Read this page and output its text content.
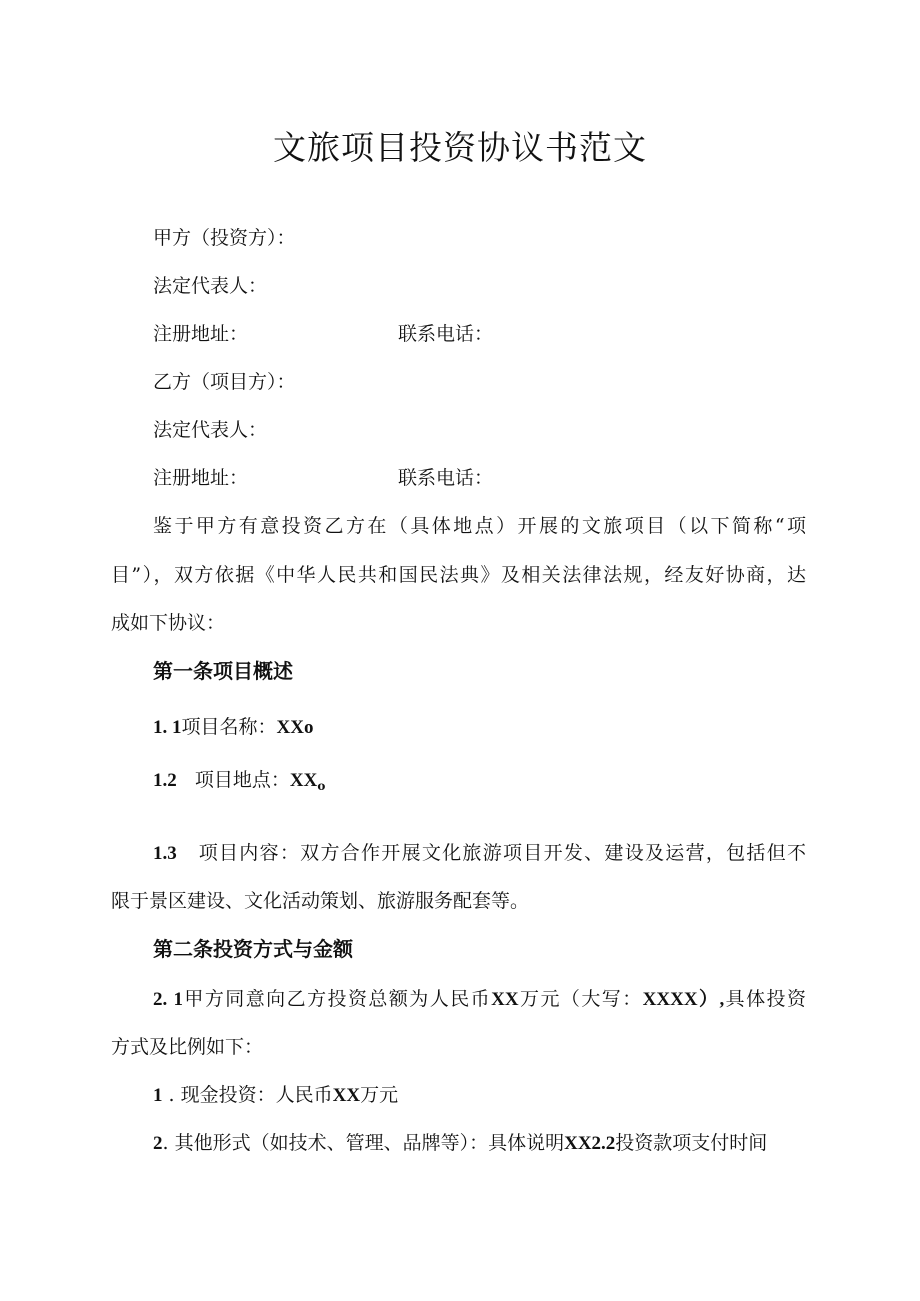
文旅项目投资协议书范文
甲方（投资方）：
法定代表人：
注册地址：	联系电话：
乙方（项目方）：
法定代表人：
注册地址：	联系电话：
鉴于甲方有意投资乙方在（具体地点）开展的文旅项目（以下简称“项
目”），双方依据《中华人民共和国民法典》及相关法律法规，经友好协商，达
成如下协议：
第一条项目概述
1. 1项目名称：XXo
1.2 项目地点：$XX_o$
1.3 项目内容：双方合作开展文化旅游项目开发、建设及运营，包括但不
限于景区建设、文化活动策划、旅游服务配套等。
第二条投资方式与金额
2. 1甲方同意向乙方投资总额为人民币XX万元（大写：XXXX）,具体投资
方式及比例如下：
1 . 现金投资：人民币XX万元
2. 其他形式（如技术、管理、品牌等）：具体说明XX2.2投资款项支付时间
